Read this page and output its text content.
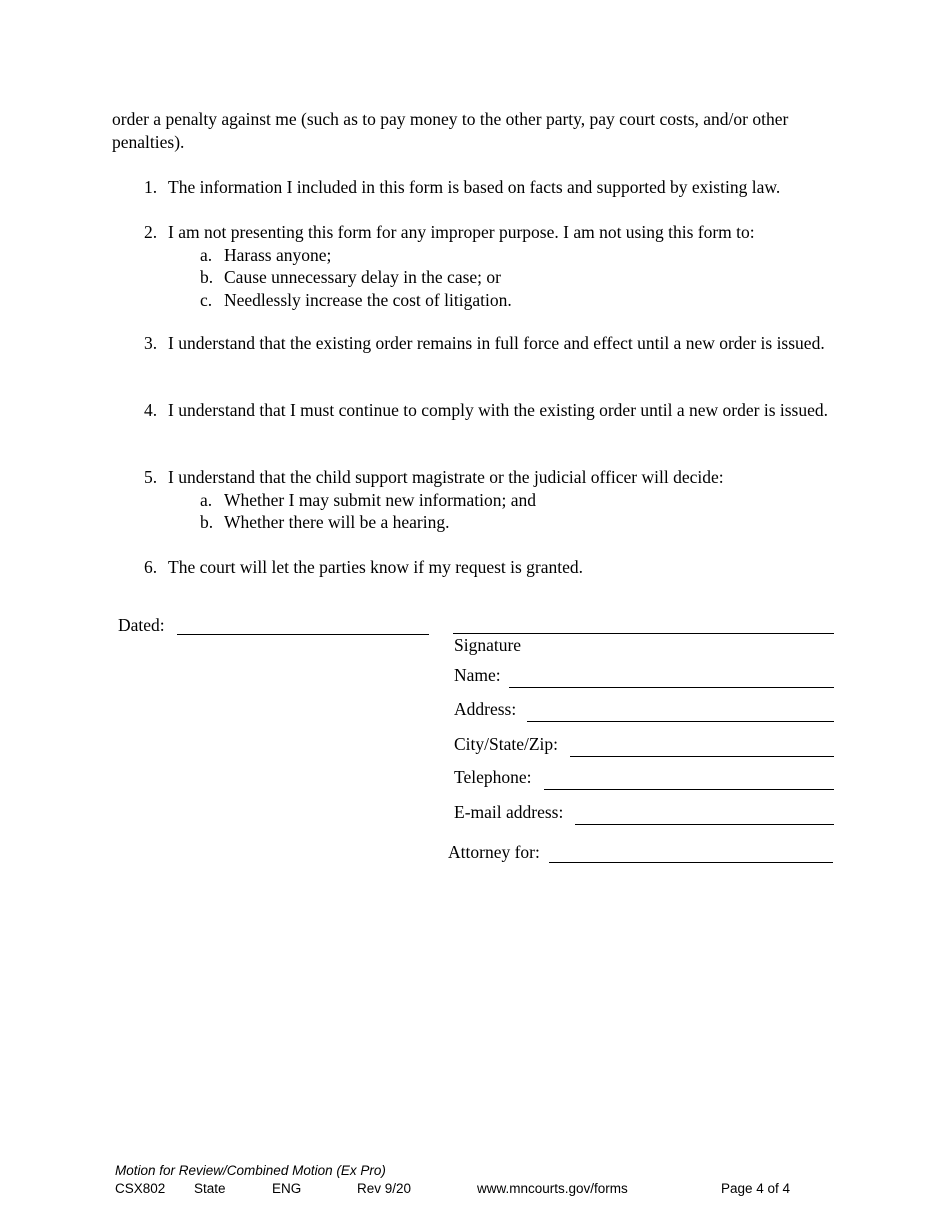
order a penalty against me (such as to pay money to the other party, pay court costs, and/or other penalties).

1. The information I included in this form is based on facts and supported by existing law.
2. I am not presenting this form for any improper purpose. I am not using this form to:
a. Harass anyone;
b. Cause unnecessary delay in the case; or
c. Needlessly increase the cost of litigation.
3. I understand that the existing order remains in full force and effect until a new order is issued.
4. I understand that I must continue to comply with the existing order until a new order is issued.
5. I understand that the child support magistrate or the judicial officer will decide:
a. Whether I may submit new information; and
b. Whether there will be a hearing.
6. The court will let the parties know if my request is granted.
Dated:
Signature
Name:
Address:
City/State/Zip:
Telephone:
E-mail address:
Attorney for:
Motion for Review/Combined Motion (Ex Pro)
CSX802 State	ENG	Rev 9/20	www.mncourts.gov/forms	Page 4 of 4
